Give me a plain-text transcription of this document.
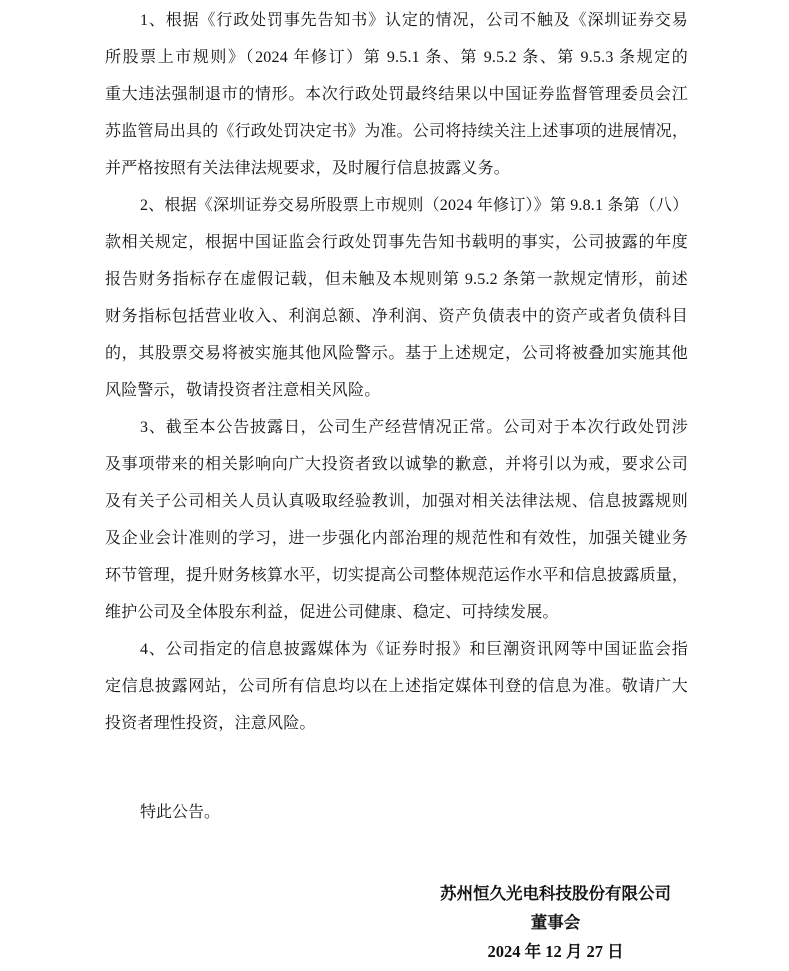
1、根据《行政处罚事先告知书》认定的情况，公司不触及《深圳证券交易
所股票上市规则》（2024 年修订）第 9.5.1 条、第 9.5.2 条、第 9.5.3 条规定的
重大违法强制退市的情形。本次行政处罚最终结果以中国证券监督管理委员会江
苏监管局出具的《行政处罚决定书》为准。公司将持续关注上述事项的进展情况，
并严格按照有关法律法规要求，及时履行信息披露义务。
2、根据《深圳证券交易所股票上市规则（2024 年修订）》第 9.8.1 条第（八）
款相关规定，根据中国证监会行政处罚事先告知书载明的事实，公司披露的年度
报告财务指标存在虚假记载，但未触及本规则第 9.5.2 条第一款规定情形，前述
财务指标包括营业收入、利润总额、净利润、资产负债表中的资产或者负债科目
的，其股票交易将被实施其他风险警示。基于上述规定，公司将被叠加实施其他
风险警示，敬请投资者注意相关风险。
3、截至本公告披露日，公司生产经营情况正常。公司对于本次行政处罚涉
及事项带来的相关影响向广大投资者致以诚挚的歉意，并将引以为戒，要求公司
及有关子公司相关人员认真吸取经验教训，加强对相关法律法规、信息披露规则
及企业会计准则的学习，进一步强化内部治理的规范性和有效性，加强关键业务
环节管理，提升财务核算水平，切实提高公司整体规范运作水平和信息披露质量，
维护公司及全体股东利益，促进公司健康、稳定、可持续发展。
4、公司指定的信息披露媒体为《证券时报》和巨潮资讯网等中国证监会指
定信息披露网站，公司所有信息均以在上述指定媒体刊登的信息为准。敬请广大
投资者理性投资，注意风险。
特此公告。
苏州恒久光电科技股份有限公司
董事会
2024 年 12 月 27 日
